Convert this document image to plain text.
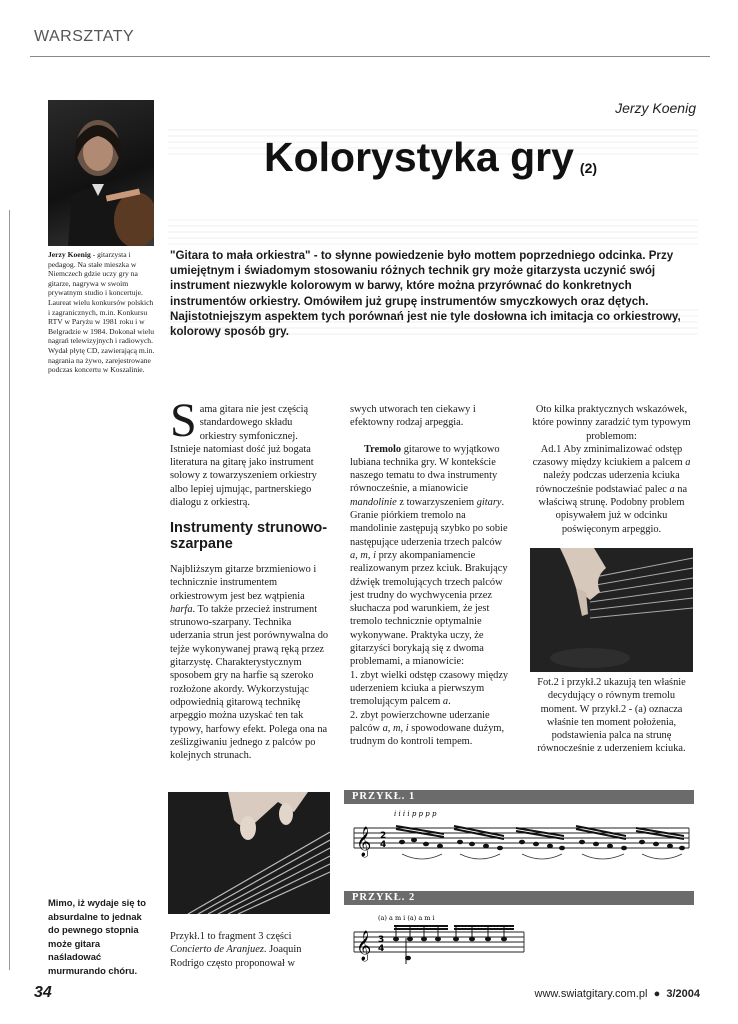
WARSZTATY
Jerzy Koenig - gitarzysta i pedagog. Na stałe mieszka w Niemczech gdzie uczy gry na gitarze, nagrywa w swoim prywatnym studio i koncertuje. Laureat wielu konkursów polskich i zagranicznych, m.in. Konkursu RTV w Paryżu w 1981 roku i w Belgradzie w 1984. Dokonał wielu nagrań telewizyjnych i radiowych. Wydał płytę CD, zawierającą m.in. nagrania na żywo, zarejestrowane podczas koncertu w Koszalinie.
Jerzy Koenig
Kolorystyka gry (2)
"Gitara to mała orkiestra" - to słynne powiedzenie było mottem poprzedniego odcinka. Przy umiejętnym i świadomym stosowaniu różnych technik gry może gitarzysta uczynić swój instrument niezwykle kolorowym w barwy, które można przyrównać do konkretnych instrumentów orkiestry. Omówiłem już grupę instrumentów smyczkowych oraz dętych. Najistotniejszym aspektem tych porównań jest nie tyle dosłowna ich imitacja co orkiestrowy, kolorowy sposób gry.
Sama gitara nie jest częścią standardowego składu orkiestry symfonicznej. Istnieje natomiast dość już bogata literatura na gitarę jako instrument solowy z towarzyszeniem orkiestry albo lepiej ujmując, partnerskiego dialogu z orkiestrą.
Instrumenty strunowo-szarpane
Najbliższym gitarze brzmieniowo i technicznie instrumentem orkiestrowym jest bez wątpienia harfa. To także przecież instrument strunowo-szarpany. Technika uderzania strun jest porównywalna do tejże wykonywanej prawą ręką przez gitarzystę. Charakterystycznym sposobem gry na harfie są szeroko rozłożone akordy. Wykorzystując odpowiednią gitarową technikę arpeggio można uzyskać ten tak typowy, harfowy efekt. Polega ona na ześlizgiwaniu jednego z palców po kolejnych strunach.

swych utworach ten ciekawy i efektowny rodzaj arpeggia.

Tremolo gitarowe to wyjątkowo lubiana technika gry. W kontekście naszego tematu to dwa instrumenty równocześnie, a mianowicie mandolinie z towarzyszeniem gitary. Granie piórkiem tremolo na mandolinie zastępują szybko po sobie następujące uderzenia trzech palców a, m, i przy akompaniamencie realizowanym przez kciuk. Brakujący dźwięk tremolujących trzech palców jest trudny do wychwycenia przez słuchacza pod warunkiem, że jest tremolo technicznie optymalnie wykonywane. Praktyka uczy, że gitarzyści borykają się z dwoma problemami, a mianowicie:

1. zbyt wielki odstęp czasowy między uderzeniem kciuka a pierwszym tremolującym palcem a.

2. zbyt powierzchowne uderzanie palców a, m, i spowodowane dużym, trudnym do kontroli tempem.

Oto kilka praktycznych wskazówek, które powinny zaradzić tym typowym problemom:

Ad.1 Aby zminimalizować odstęp czasowy między kciukiem a palcem a należy podczas uderzenia kciuka równocześnie podstawiać palec a na właściwą strunę. Podobny problem opisywałem już w odcinku poświęconym arpeggio.

Fot.2 i przykł.2 ukazują ten właśnie decydujący o równym tremolu moment. W przykł.2 - (a) oznacza właśnie ten moment położenia, podstawienia palca na strunę równocześnie z uderzeniem kciuka.
Przykł.1 to fragment 3 części Concierto de Aranjuez. Joaquin Rodrigo często proponował w
Mimo, iż wydaje się to absurdalne to jednak do pewnego stopnia może gitara naśladować murmurando chóru.
PRZYKŁ. 1
𝄞 2
4
i i i i p p p p
PRZYKŁ. 2
𝄞 3
4
(a) a m i (a) a m i
34	www.swiatgitary.com.pl ● 3/2004
